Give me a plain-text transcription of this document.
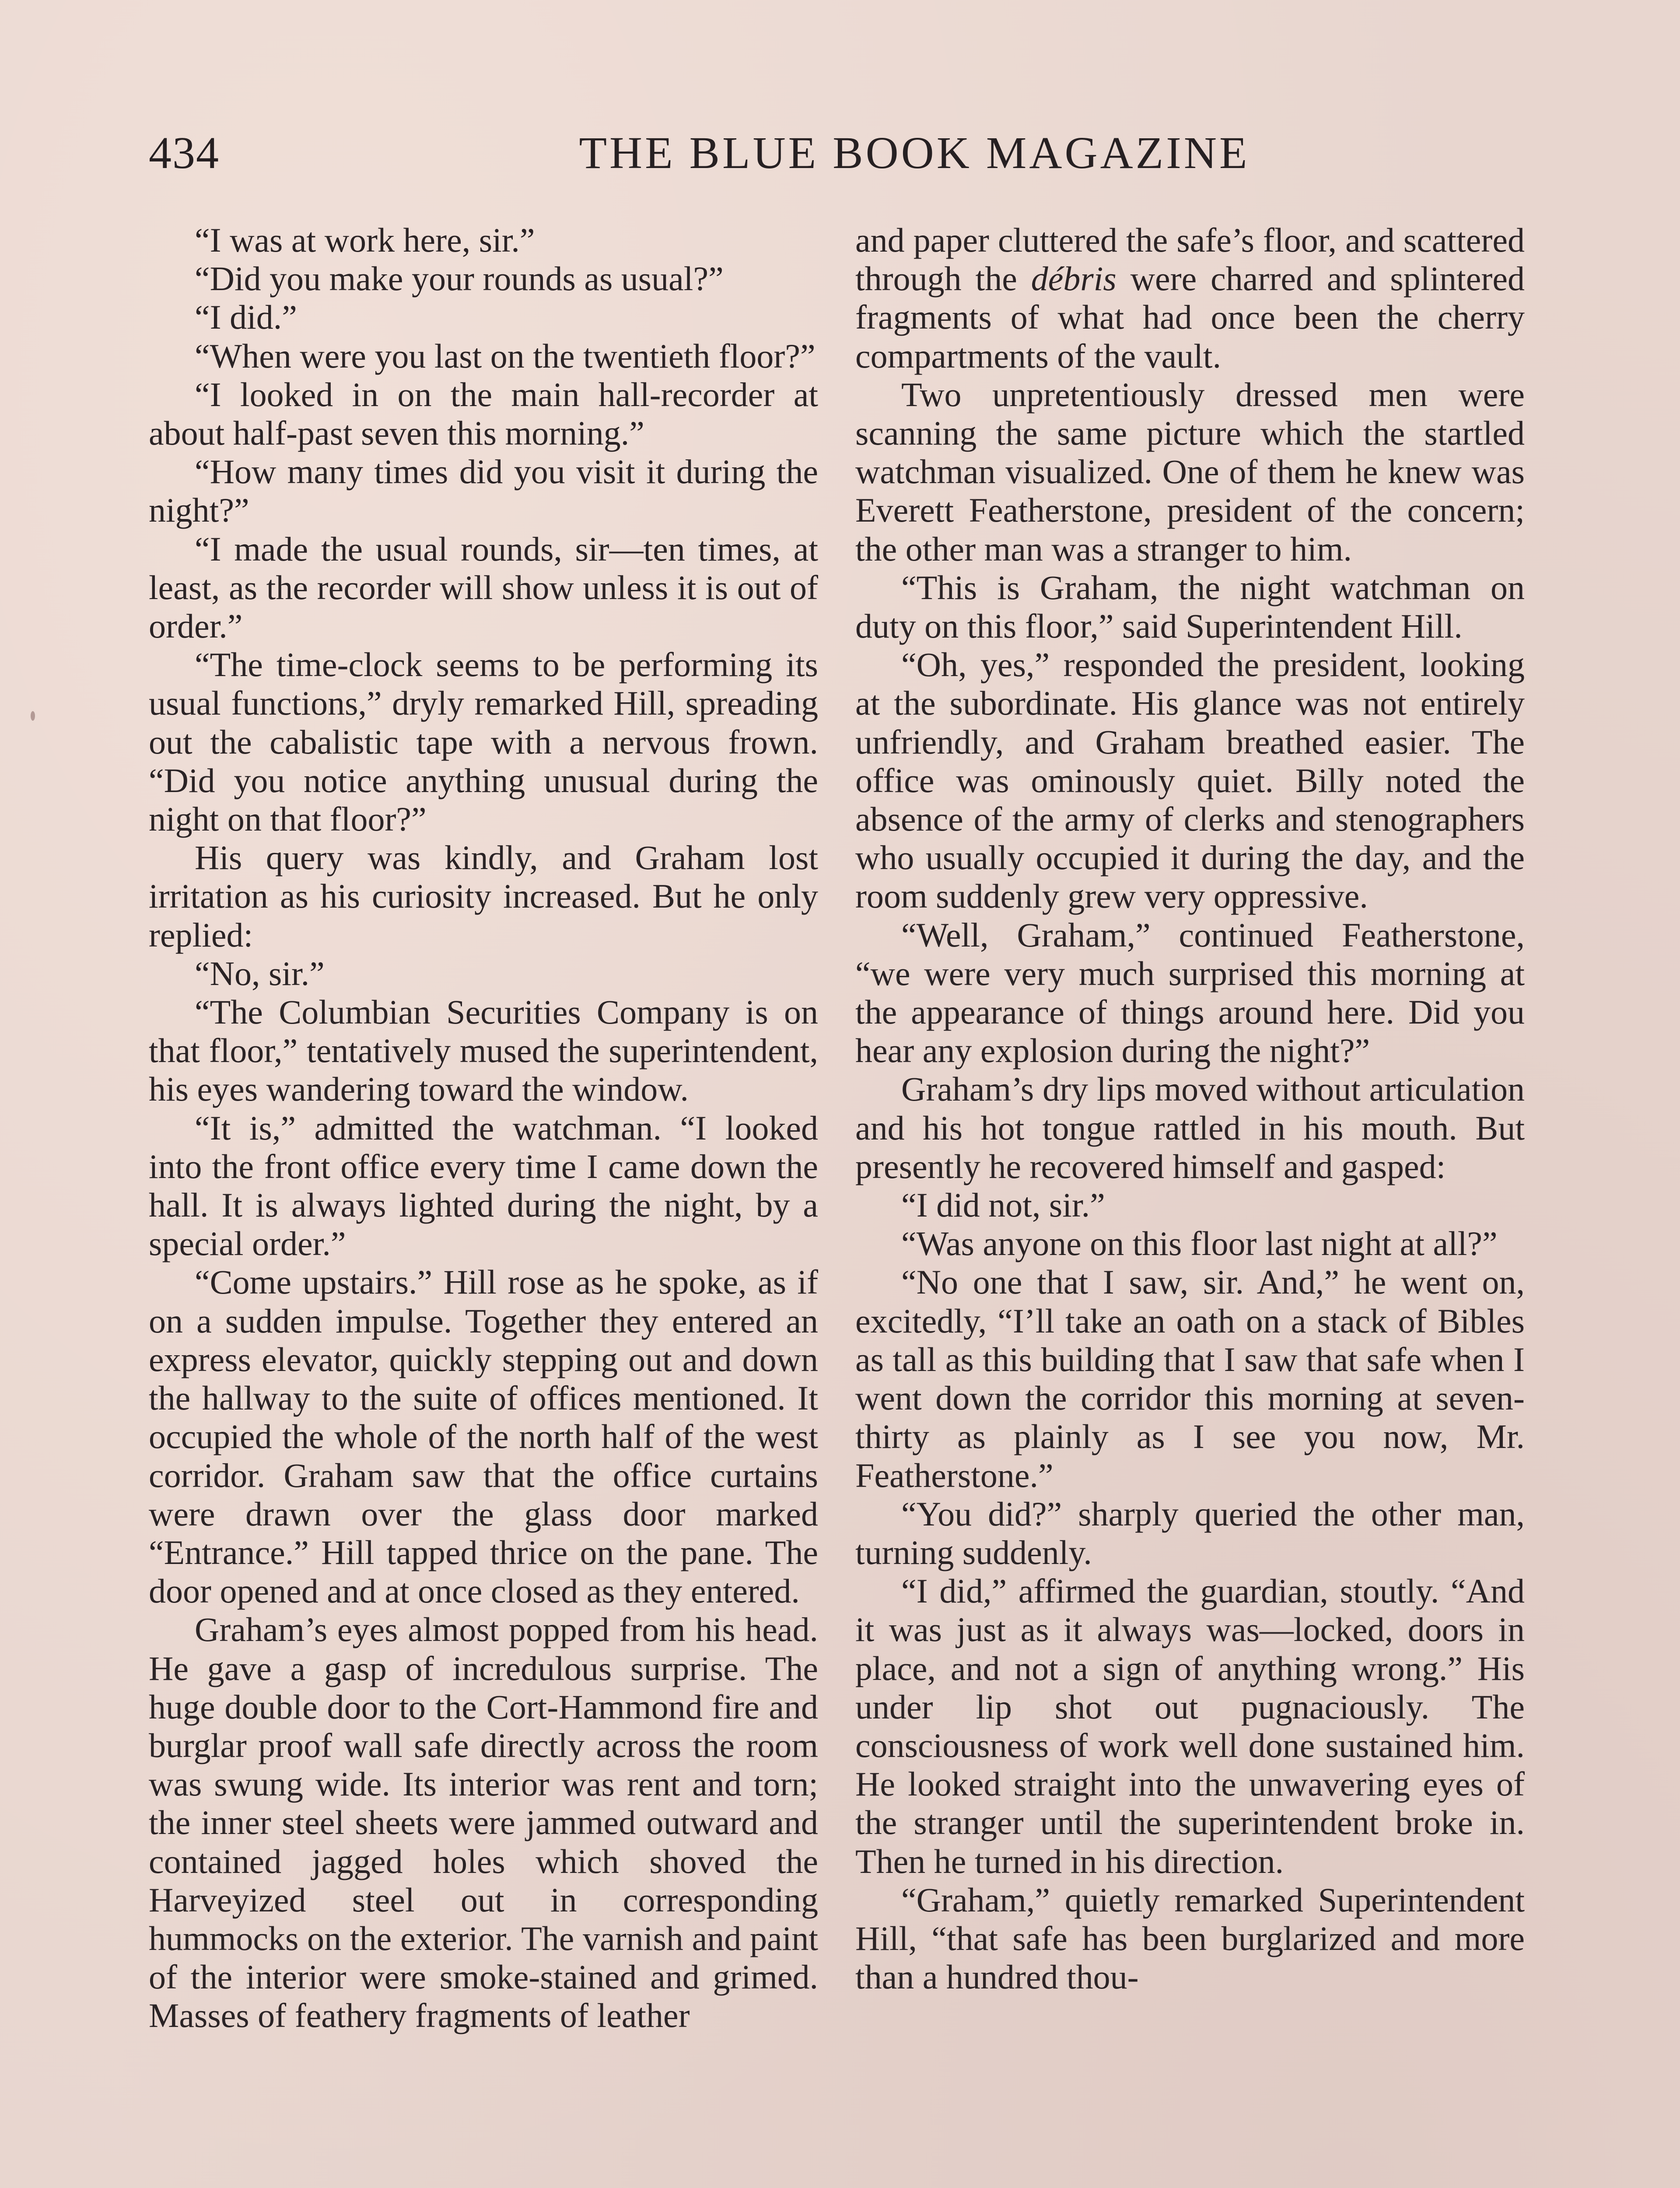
434	THE BLUE BOOK MAGAZINE

“I was at work here, sir.”

“Did you make your rounds as usual?”

“I did.”

“When were you last on the twentieth floor?”

“I looked in on the main hall-recorder at about half-past seven this morning.”

“How many times did you visit it during the night?”

“I made the usual rounds, sir—ten times, at least, as the recorder will show unless it is out of order.”

“The time-clock seems to be performing its usual functions,” dryly remarked Hill, spreading out the cabalistic tape with a nervous frown. “Did you notice anything unusual during the night on that floor?”

His query was kindly, and Graham lost irritation as his curiosity increased. But he only replied:

“No, sir.”

“The Columbian Securities Company is on that floor,” tentatively mused the superintendent, his eyes wandering toward the window.

“It is,” admitted the watchman. “I looked into the front office every time I came down the hall. It is always lighted during the night, by a special order.”

“Come upstairs.” Hill rose as he spoke, as if on a sudden impulse. Together they entered an express elevator, quickly stepping out and down the hallway to the suite of offices mentioned. It occupied the whole of the north half of the west corridor. Graham saw that the office curtains were drawn over the glass door marked “Entrance.” Hill tapped thrice on the pane. The door opened and at once closed as they entered.

Graham’s eyes almost popped from his head. He gave a gasp of incredulous surprise. The huge double door to the Cort-Hammond fire and burglar proof wall safe directly across the room was swung wide. Its interior was rent and torn; the inner steel sheets were jammed outward and contained jagged holes which shoved the Harveyized steel out in corresponding hummocks on the exterior. The varnish and paint of the interior were smoke-stained and grimed. Masses of feathery fragments of leather

and paper cluttered the safe’s floor, and scattered through the débris were charred and splintered fragments of what had once been the cherry compartments of the vault.

Two unpretentiously dressed men were scanning the same picture which the startled watchman visualized. One of them he knew was Everett Featherstone, president of the concern; the other man was a stranger to him.

“This is Graham, the night watchman on duty on this floor,” said Superintendent Hill.

“Oh, yes,” responded the president, looking at the subordinate. His glance was not entirely unfriendly, and Graham breathed easier. The office was ominously quiet. Billy noted the absence of the army of clerks and stenographers who usually occupied it during the day, and the room suddenly grew very oppressive.

“Well, Graham,” continued Featherstone, “we were very much surprised this morning at the appearance of things around here. Did you hear any explosion during the night?”

Graham’s dry lips moved without articulation and his hot tongue rattled in his mouth. But presently he recovered himself and gasped:

“I did not, sir.”

“Was anyone on this floor last night at all?”

“No one that I saw, sir. And,” he went on, excitedly, “I’ll take an oath on a stack of Bibles as tall as this building that I saw that safe when I went down the corridor this morning at seven-thirty as plainly as I see you now, Mr. Featherstone.”

“You did?” sharply queried the other man, turning suddenly.

“I did,” affirmed the guardian, stoutly. “And it was just as it always was—locked, doors in place, and not a sign of anything wrong.” His under lip shot out pugnaciously. The consciousness of work well done sustained him. He looked straight into the unwavering eyes of the stranger until the superintendent broke in. Then he turned in his direction.

“Graham,” quietly remarked Superintendent Hill, “that safe has been burglarized and more than a hundred thou-
